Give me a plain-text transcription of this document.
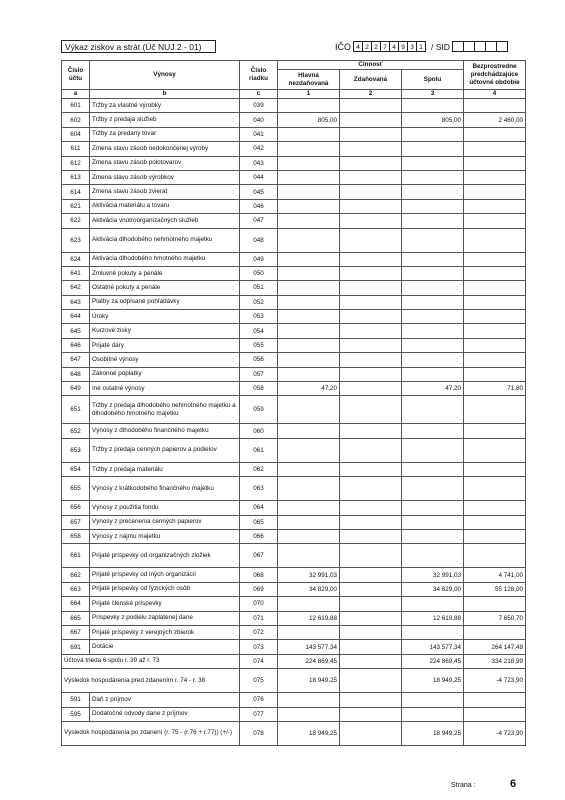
Výkaz ziskov a strát (Úč NUJ 2 - 01)	IČO 4 2 2 7 4 9 3 1 / SID
Číslo účtu	Výnosy	Číslo riadku	Činnosť			Bezprostredne predchádzajúce účtovné obdobie
			Hlavná nezdaňovaná	Zdaňovaná	Spolu	
a	b	c	1	2	3	4
601	Tržby za vlastné výrobky	039				
602	Tržby z predaja služieb	040	805,00		805,00	2 460,00
604	Tržby za predaný tovar	041				
611	Zmena stavu zásob nedokončenej výroby	042				
612	Zmena stavu zásob polotovarov	043				
613	Zmena stavu zásob výrobkov	044				
614	Zmena stavu zásob zvierat	045				
621	Aktivácia materiálu a tovaru	046				
622	Aktivácia vnútroorganizačných služieb	047				
623	Aktivácia dlhodobého nehmotného majetku	048				
624	Aktivácia dlhodobého hmotného majetku	049				
641	Zmluvné pokuty a penále	050				
642	Ostatné pokuty a penále	051				
643	Platby za odpísané pohľadávky	052				
644	Úroky	053				
645	Kurzové zisky	054				
646	Prijaté dary	055				
647	Osobitné výnosy	056				
648	Zákonné poplatky	057				
649	Iné ostatné výnosy	058	47,20		47,20	71,80
651	Tržby z predaja dlhodobého nehmotného majetku a dlhodobého hmotného majetku	059				
652	Výnosy z dlhodobého finančného majetku	060				
653	Tržby z predaja cenných papierov a podielov	061				
654	Tržby z predaja materiálu	062				
655	Výnosy z krátkodobého finančného majetku	063				
656	Výnosy z použitia fondu	064				
657	Výnosy z precenenia cenných papierov	065				
658	Výnosy z nájmu majetku	066				
661	Prijaté príspevky od organizačných zložiek	067				
662	Prijaté príspevky od iných organizácií	068	32 991,03		32 991,03	4 741,00
663	Prijaté príspevky od fyzických osôb	069	34 829,00		34 829,00	55 128,00
664	Prijaté členské príspevky	070				
665	Príspevky z podielu zaplatenej dane	071	12 619,88		12 619,88	7 650,70
667	Prijaté príspevky z verejných zbierok	072				
691	Dotácie	073	143 577,34		143 577,34	264 147,49
Účtová trieda 6 spolu r. 39 až r. 73		074	224 869,45		224 869,45	334 218,99
Výsledok hospodárenia pred zdanením r. 74 - r. 38		075	18 949,25		18 949,25	-4 723,90
591	Daň z príjmov	076				
595	Dodatočné odvody dane z príjmov	077				
Výsledok hospodárenia po zdanení (r. 75 - (r.76 + r.77)) (+/-)		078	18 949,25		18 949,25	-4 723,90
Strana :	6
